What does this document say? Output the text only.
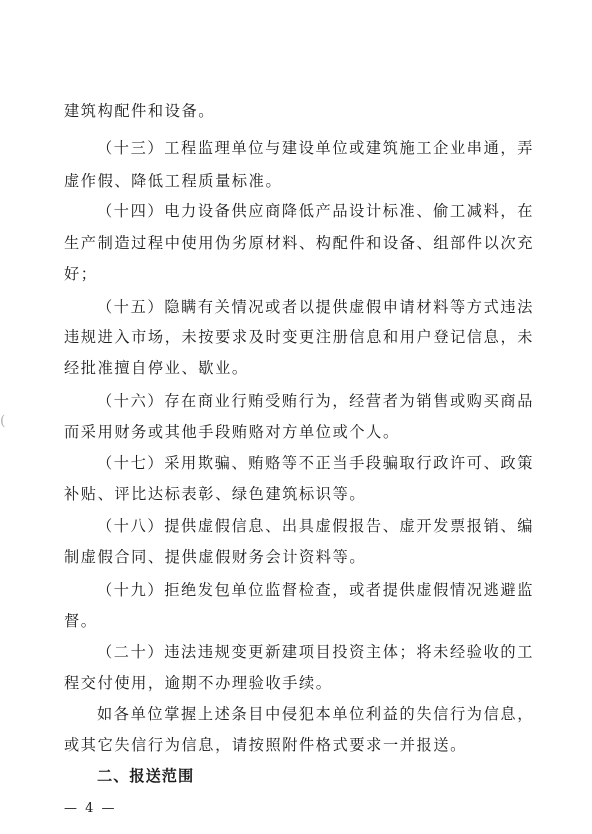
建筑构配件和设备。
（十三）工程监理单位与建设单位或建筑施工企业串通，弄
虚作假、降低工程质量标准。
（十四）电力设备供应商降低产品设计标准、偷工减料，在
生产制造过程中使用伪劣原材料、构配件和设备、组部件以次充
好；
（十五）隐瞒有关情况或者以提供虚假申请材料等方式违法
违规进入市场，未按要求及时变更注册信息和用户登记信息，未
经批准擅自停业、歇业。
（十六）存在商业行贿受贿行为，经营者为销售或购买商品
而采用财务或其他手段贿赂对方单位或个人。
（十七）采用欺骗、贿赂等不正当手段骗取行政许可、政策
补贴、评比达标表彰、绿色建筑标识等。
（十八）提供虚假信息、出具虚假报告、虚开发票报销、编
制虚假合同、提供虚假财务会计资料等。
（十九）拒绝发包单位监督检查，或者提供虚假情况逃避监
督。
（二十）违法违规变更新建项目投资主体；将未经验收的工
程交付使用，逾期不办理验收手续。
如各单位掌握上述条目中侵犯本单位利益的失信行为信息，
或其它失信行为信息，请按照附件格式要求一并报送。
二、报送范围
— 4 —
(
